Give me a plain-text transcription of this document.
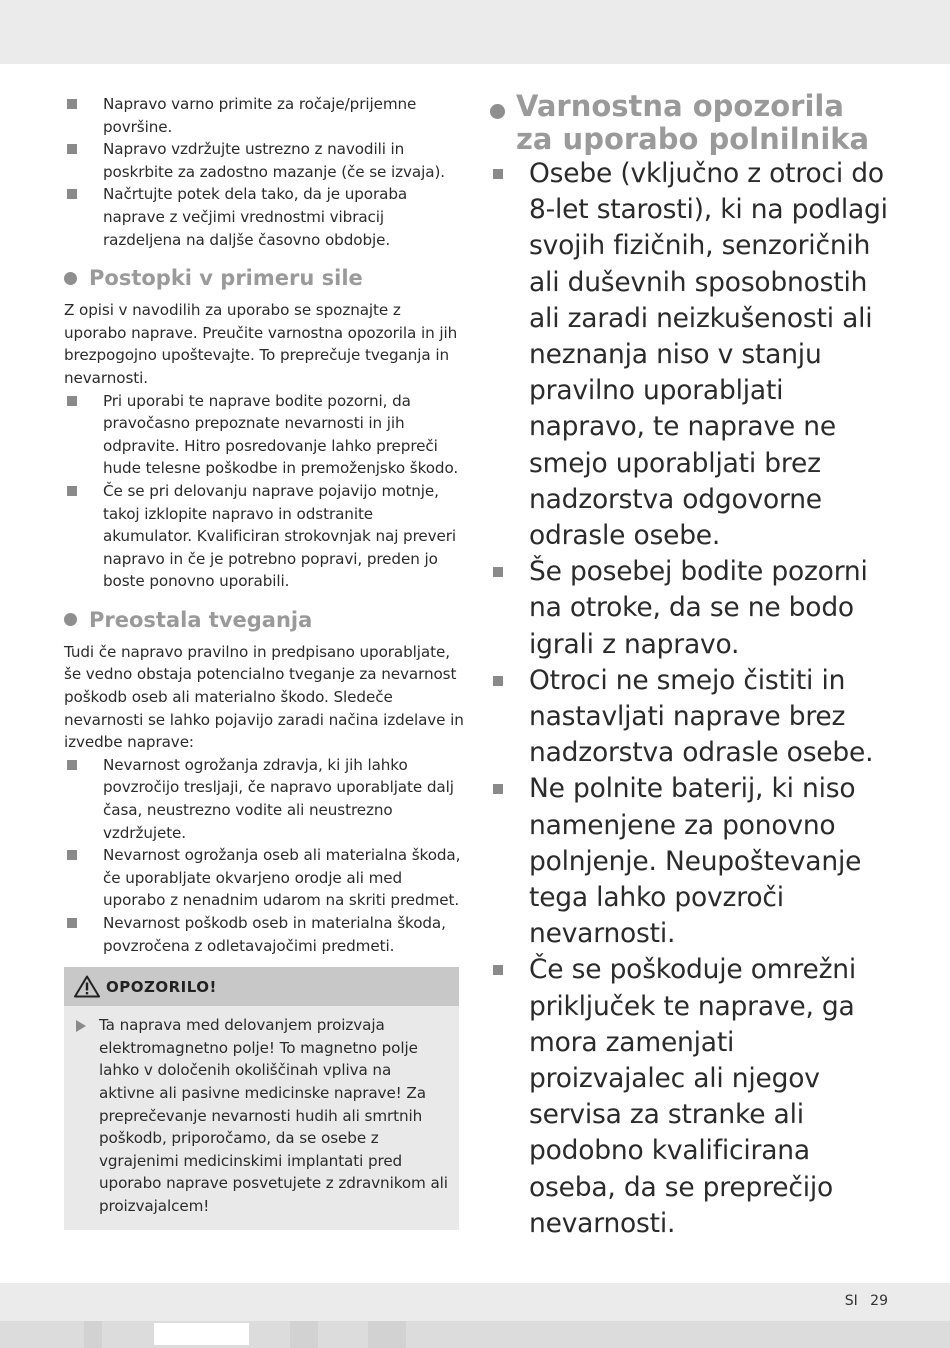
Napravo varno primite za ročaje/prijemne površine.
Napravo vzdržujte ustrezno z navodili in poskrbite za zadostno mazanje (če se izvaja).
Načrtujte potek dela tako, da je uporaba naprave z večjimi vrednostmi vibracij razdeljena na daljše časovno obdobje.
Postopki v primeru sile

Z opisi v navodilih za uporabo se spoznajte z uporabo naprave. Preučite varnostna opozorila in jih brezpogojno upoštevajte. To preprečuje tveganja in nevarnosti.

Pri uporabi te naprave bodite pozorni, da pravočasno prepoznate nevarnosti in jih odpravite. Hitro posredovanje lahko prepreči hude telesne poškodbe in premoženjsko škodo.
Če se pri delovanju naprave pojavijo motnje, takoj izklopite napravo in odstranite akumulator. Kvalificiran strokovnjak naj preveri napravo in če je potrebno popravi, preden jo boste ponovno uporabili.
Preostala tveganja

Tudi če napravo pravilno in predpisano uporabljate, še vedno obstaja potencialno tveganje za nevarnost poškodb oseb ali materialno škodo. Sledeče nevarnosti se lahko pojavijo zaradi načina izdelave in izvedbe naprave:

Nevarnost ogrožanja zdravja, ki jih lahko povzročijo tresljaji, če napravo uporabljate dalj časa, neustrezno vodite ali neustrezno vzdržujete.
Nevarnost ogrožanja oseb ali materialna škoda, če uporabljate okvarjeno orodje ali med uporabo z nenadnim udarom na skriti predmet.
Nevarnost poškodb oseb in materialna škoda, povzročena z odletavajočimi predmeti.
OPOZORILO!
Ta naprava med delovanjem proizvaja elektromagnetno polje! To magnetno polje lahko v določenih okoliščinah vpliva na aktivne ali pasivne medicinske naprave! Za preprečevanje nevarnosti hudih ali smrtnih poškodb, priporočamo, da se osebe z vgrajenimi medicinskimi implantati pred uporabo naprave posvetujete z zdravnikom ali proizvajalcem!
Varnostna opozorila za uporabo polnilnika
Osebe (vključno z otroci do 8-let starosti), ki na podlagi svojih fizičnih, senzoričnih ali duševnih sposobnostih ali zaradi neizkušenosti ali neznanja niso v stanju pravilno uporabljati napravo, te naprave ne smejo uporabljati brez nadzorstva odgovorne odrasle osebe.
Še posebej bodite pozorni na otroke, da se ne bodo igrali z napravo.
Otroci ne smejo čistiti in nastavljati naprave brez nadzorstva odrasle osebe.
Ne polnite baterij, ki niso namenjene za ponovno polnjenje. Neupoštevanje tega lahko povzroči nevarnosti.
Če se poškoduje omrežni priključek te naprave, ga mora zamenjati proizvajalec ali njegov servisa za stranke ali podobno kvalificirana oseba, da se preprečijo nevarnosti.
SI 29
